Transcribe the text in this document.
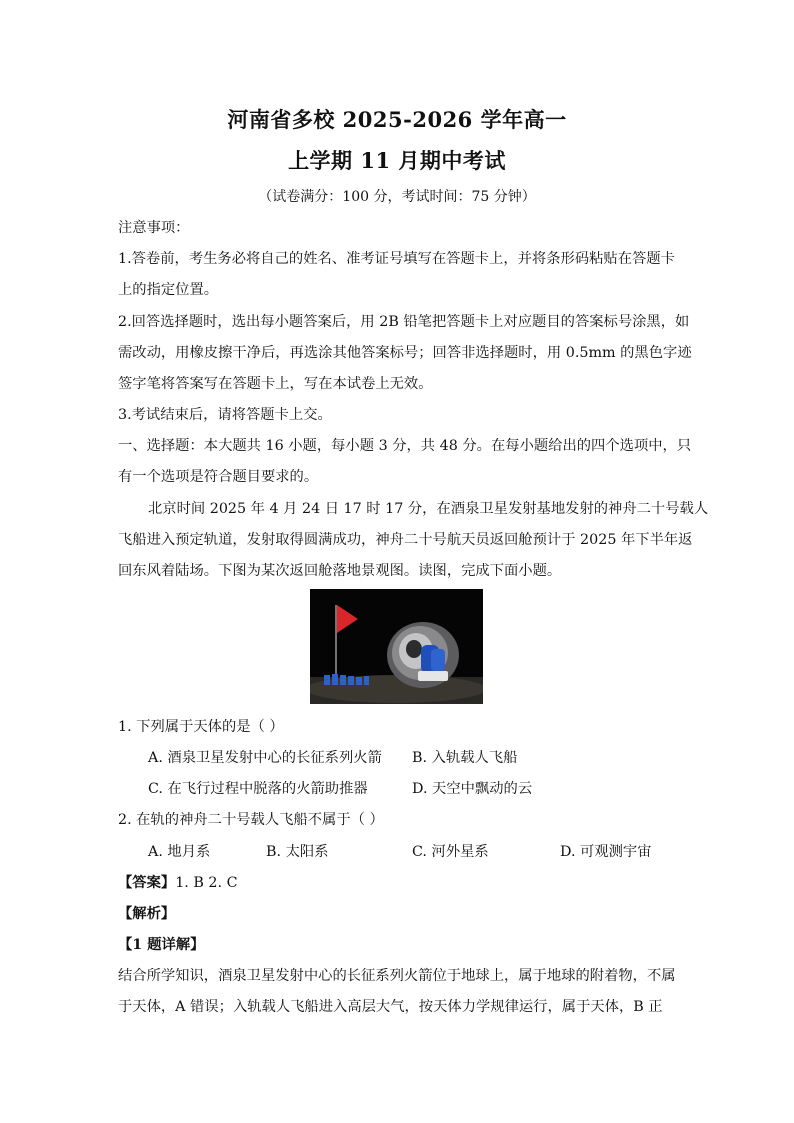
河南省多校 2025-2026 学年高一
上学期 11 月期中考试
（试卷满分：100 分，考试时间：75 分钟）
注意事项：
1.答卷前，考生务必将自己的姓名、准考证号填写在答题卡上，并将条形码粘贴在答题卡
上的指定位置。
2.回答选择题时，选出每小题答案后，用 2B 铅笔把答题卡上对应题目的答案标号涂黑，如
需改动，用橡皮擦干净后，再选涂其他答案标号；回答非选择题时，用 0.5mm 的黑色字迹
签字笔将答案写在答题卡上，写在本试卷上无效。
3.考试结束后，请将答题卡上交。
一、选择题：本大题共 16 小题，每小题 3 分，共 48 分。在每小题给出的四个选项中，只
有一个选项是符合题目要求的。
北京时间 2025 年 4 月 24 日 17 时 17 分，在酒泉卫星发射基地发射的神舟二十号载人
飞船进入预定轨道，发射取得圆满成功，神舟二十号航天员返回舱预计于 2025 年下半年返
回东风着陆场。下图为某次返回舱落地景观图。读图，完成下面小题。
1. 下列属于天体的是（ ）
A. 酒泉卫星发射中心的长征系列火箭 B. 入轨载人飞船
C. 在飞行过程中脱落的火箭助推器	D. 天空中飘动的云
2. 在轨的神舟二十号载人飞船不属于（ ）
A. 地月系	B. 太阳系	C. 河外星系	D. 可观测宇宙
【答案】1. B 2. C
【解析】
【1 题详解】
结合所学知识，酒泉卫星发射中心的长征系列火箭位于地球上，属于地球的附着物，不属
于天体，A 错误；入轨载人飞船进入高层大气，按天体力学规律运行，属于天体，B 正
